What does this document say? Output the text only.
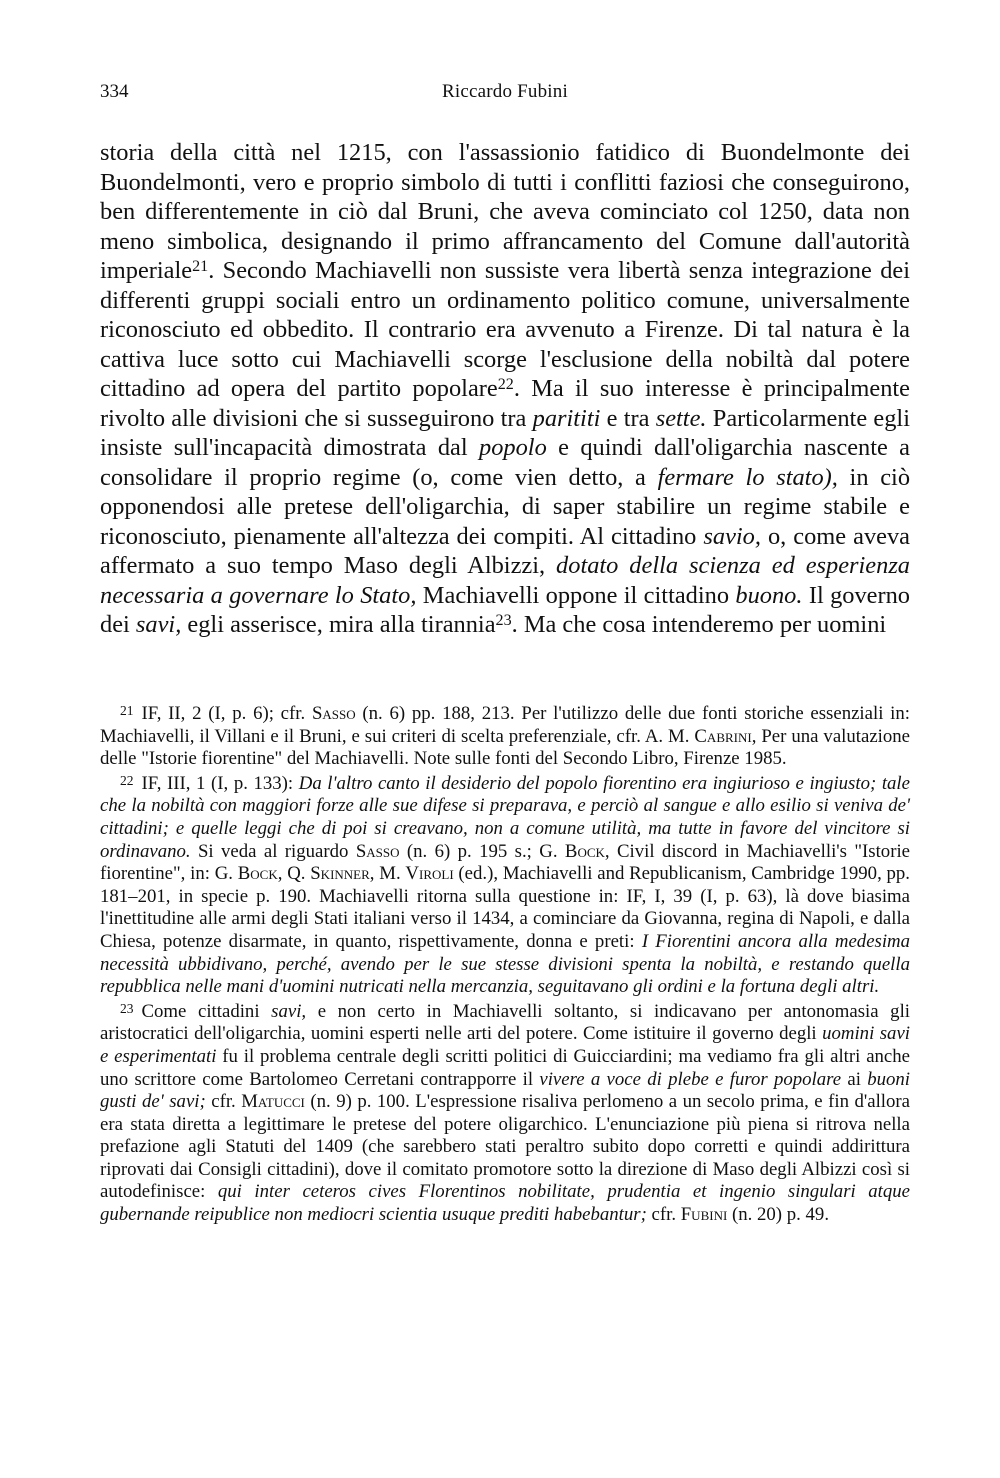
334	Riccardo Fubini

storia della città nel 1215, con l'assassionio fatidico di Buondelmonte dei Buondelmonti, vero e proprio simbolo di tutti i conflitti faziosi che conseguirono, ben differentemente in ciò dal Bruni, che aveva cominciato col 1250, data non meno simbolica, designando il primo affrancamento del Comune dall'autorità imperiale$^{21}$. Secondo Machiavelli non sussiste vera libertà senza integrazione dei differenti gruppi sociali entro un ordinamento politico comune, universalmente riconosciuto ed obbedito. Il contrario era avvenuto a Firenze. Di tal natura è la cattiva luce sotto cui Machiavelli scorge l'esclusione della nobiltà dal potere cittadino ad opera del partito popolare$^{22}$. Ma il suo interesse è principalmente rivolto alle divisioni che si susseguirono tra parititi e tra sette. Particolarmente egli insiste sull'incapacità dimostrata dal popolo e quindi dall'oligarchia nascente a consolidare il proprio regime (o, come vien detto, a fermare lo stato), in ciò opponendosi alle pretese dell'oligarchia, di saper stabilire un regime stabile e riconosciuto, pienamente all'altezza dei compiti. Al cittadino savio, o, come aveva affermato a suo tempo Maso degli Albizzi, dotato della scienza ed esperienza necessaria a governare lo Stato, Machiavelli oppone il cittadino buono. Il governo dei savi, egli asserisce, mira alla tirannia$^{23}$. Ma che cosa intenderemo per uomini

$^{21}$ IF, II, 2 (I, p. 6); cfr. Sasso (n. 6) pp. 188, 213. Per l'utilizzo delle due fonti storiche essenziali in: Machiavelli, il Villani e il Bruni, e sui criteri di scelta preferenziale, cfr. A. M. Cabrini, Per una valutazione delle "Istorie fiorentine" del Machiavelli. Note sulle fonti del Secondo Libro, Firenze 1985.

$^{22}$ IF, III, 1 (I, p. 133): Da l'altro canto il desiderio del popolo fiorentino era ingiurioso e ingiusto; tale che la nobiltà con maggiori forze alle sue difese si preparava, e perciò al sangue e allo esilio si veniva de' cittadini; e quelle leggi che di poi si creavano, non a comune utilità, ma tutte in favore del vincitore si ordinavano. Si veda al riguardo Sasso (n. 6) p. 195 s.; G. Bock, Civil discord in Machiavelli's "Istorie fiorentine", in: G. Bock, Q. Skinner, M. Viroli (ed.), Machiavelli and Republicanism, Cambridge 1990, pp. 181–201, in specie p. 190. Machiavelli ritorna sulla questione in: IF, I, 39 (I, p. 63), là dove biasima l'inettitudine alle armi degli Stati italiani verso il 1434, a cominciare da Giovanna, regina di Napoli, e dalla Chiesa, potenze disarmate, in quanto, rispettivamente, donna e preti: I Fiorentini ancora alla medesima necessità ubbidivano, perché, avendo per le sue stesse divisioni spenta la nobiltà, e restando quella repubblica nelle mani d'uomini nutricati nella mercanzia, seguitavano gli ordini e la fortuna degli altri.

$^{23}$ Come cittadini savi, e non certo in Machiavelli soltanto, si indicavano per antonomasia gli aristocratici dell'oligarchia, uomini esperti nelle arti del potere. Come istituire il governo degli uomini savi e esperimentati fu il problema centrale degli scritti politici di Guicciardini; ma vediamo fra gli altri anche uno scrittore come Bartolomeo Cerretani contrapporre il vivere a voce di plebe e furor popolare ai buoni gusti de' savi; cfr. Matucci (n. 9) p. 100. L'espressione risaliva perlomeno a un secolo prima, e fin d'allora era stata diretta a legittimare le pretese del potere oligarchico. L'enunciazione più piena si ritrova nella prefazione agli Statuti del 1409 (che sarebbero stati peraltro subito dopo corretti e quindi addirittura riprovati dai Consigli cittadini), dove il comitato promotore sotto la direzione di Maso degli Albizzi così si autodefinisce: qui inter ceteros cives Florentinos nobilitate, prudentia et ingenio singulari atque gubernande reipublice non mediocri scientia usuque prediti habebantur; cfr. Fubini (n. 20) p. 49.
